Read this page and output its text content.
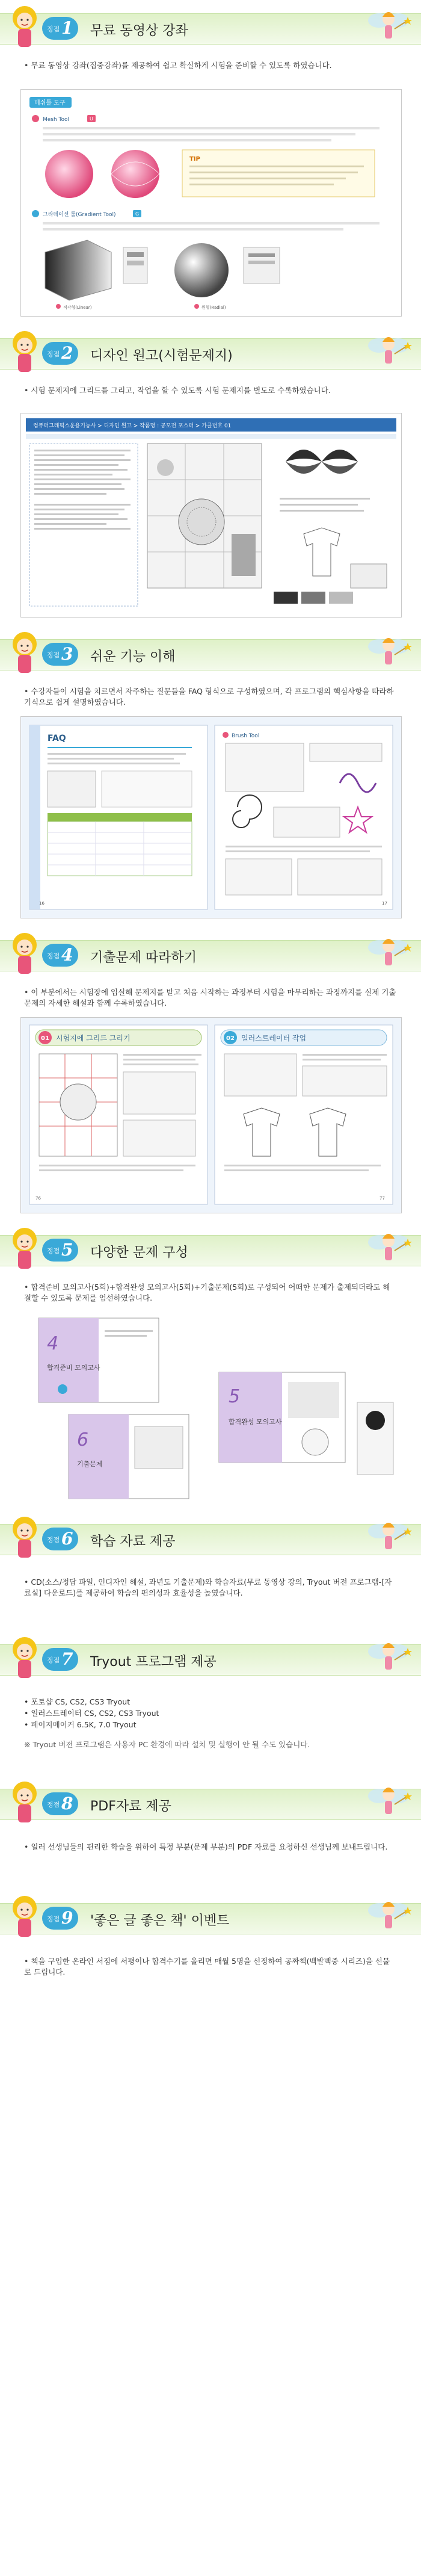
정점 1 무료 동영상 강좌
• 무료 동영상 강좌(집중강좌)를 제공하여 쉽고 확실하게 시험을 준비할 수 있도록 하였습니다.
메쉬툴 도구
Mesh Tool	U
TIP
그라데이션 툴(Gradient Tool)	G
직각형(Linear)	원형(Radial)
정점 2 디자인 원고(시험문제지)
• 시험 문제지에 그리드를 그리고, 작업을 할 수 있도록 시험 문제지를 별도로 수록하였습니다.
컴퓨터그래픽스운용기능사 > 디자인 원고 > 작품명 : 공모전 포스터 > 가클번호 01
정점 3 쉬운 기능 이해
• 수강자들이 시험을 치르면서 자주하는 질문들을 FAQ 형식으로 구성하였으며, 각 프로그램의 핵심사항을 따라하기식으로 쉽게 설명하였습니다.
FAQ
16
Brush Tool
17
정점 4 기출문제 따라하기
• 이 부분에서는 시험장에 입실해 문제지를 받고 처음 시작하는 과정부터 시험을 마무리하는 과정까지를 실제 기출문제의 자세한 해설과 함께 수록하였습니다.
01 시험지에 그리드 그리기
76
02 일러스트레이터 작업
77
정점 5 다양한 문제 구성
• 합격준비 모의고사(5회)+합격완성 모의고사(5회)+기출문제(5회)로 구성되어 어떠한 문제가 출제되더라도 해결할 수 있도록 문제를 엄선하였습니다.
4
합격준비 모의고사
5
합격완성 모의고사
6
기출문제
정점 6 학습 자료 제공
• CD(소스/정답 파일, 인디자인 해설, 과년도 기출문제)와 학습자료(무료 동영상 강의, Tryout 버전 프로그램-[자료실] 다운로드)를 제공하여 학습의 편의성과 효율성을 높였습니다.
정점 7 Tryout 프로그램 제공
• 포토샵 CS, CS2, CS3 Tryout
• 일러스트레이터 CS, CS2, CS3 Tryout
• 페이지메이커 6.5K, 7.0 Tryout
※ Tryout 버전 프로그램은 사용자 PC 환경에 따라 설치 및 실행이 안 될 수도 있습니다.
정점 8 PDF자료 제공
• 일러 선생님들의 편리한 학습을 위하여 특정 부분(문제 부분)의 PDF 자료를 요청하신 선생님께 보내드립니다.
정점 9 '좋은 글 좋은 책' 이벤트
• 책을 구입한 온라인 서점에 서평이나 합격수기를 올리면 매월 5명을 선정하여 공짜책(백발백중 시리즈)을 선물로 드립니다.
